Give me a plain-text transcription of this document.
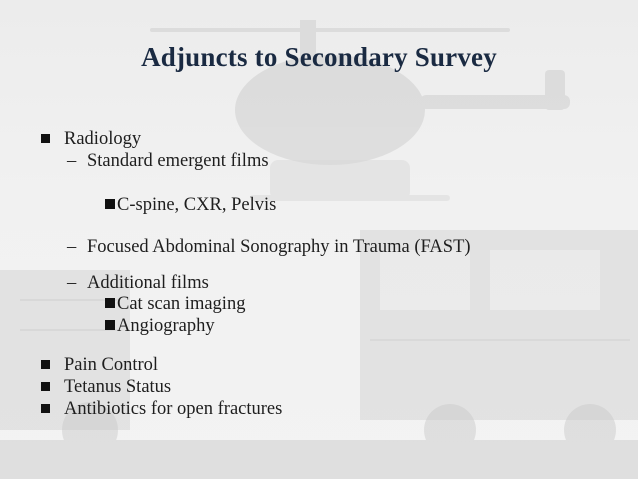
Adjuncts to Secondary Survey
Radiology
– Standard emergent films
C-spine, CXR, Pelvis
– Focused Abdominal Sonography in Trauma (FAST)
– Additional films
Cat scan imaging
Angiography
Pain Control
Tetanus Status
Antibiotics for open fractures
